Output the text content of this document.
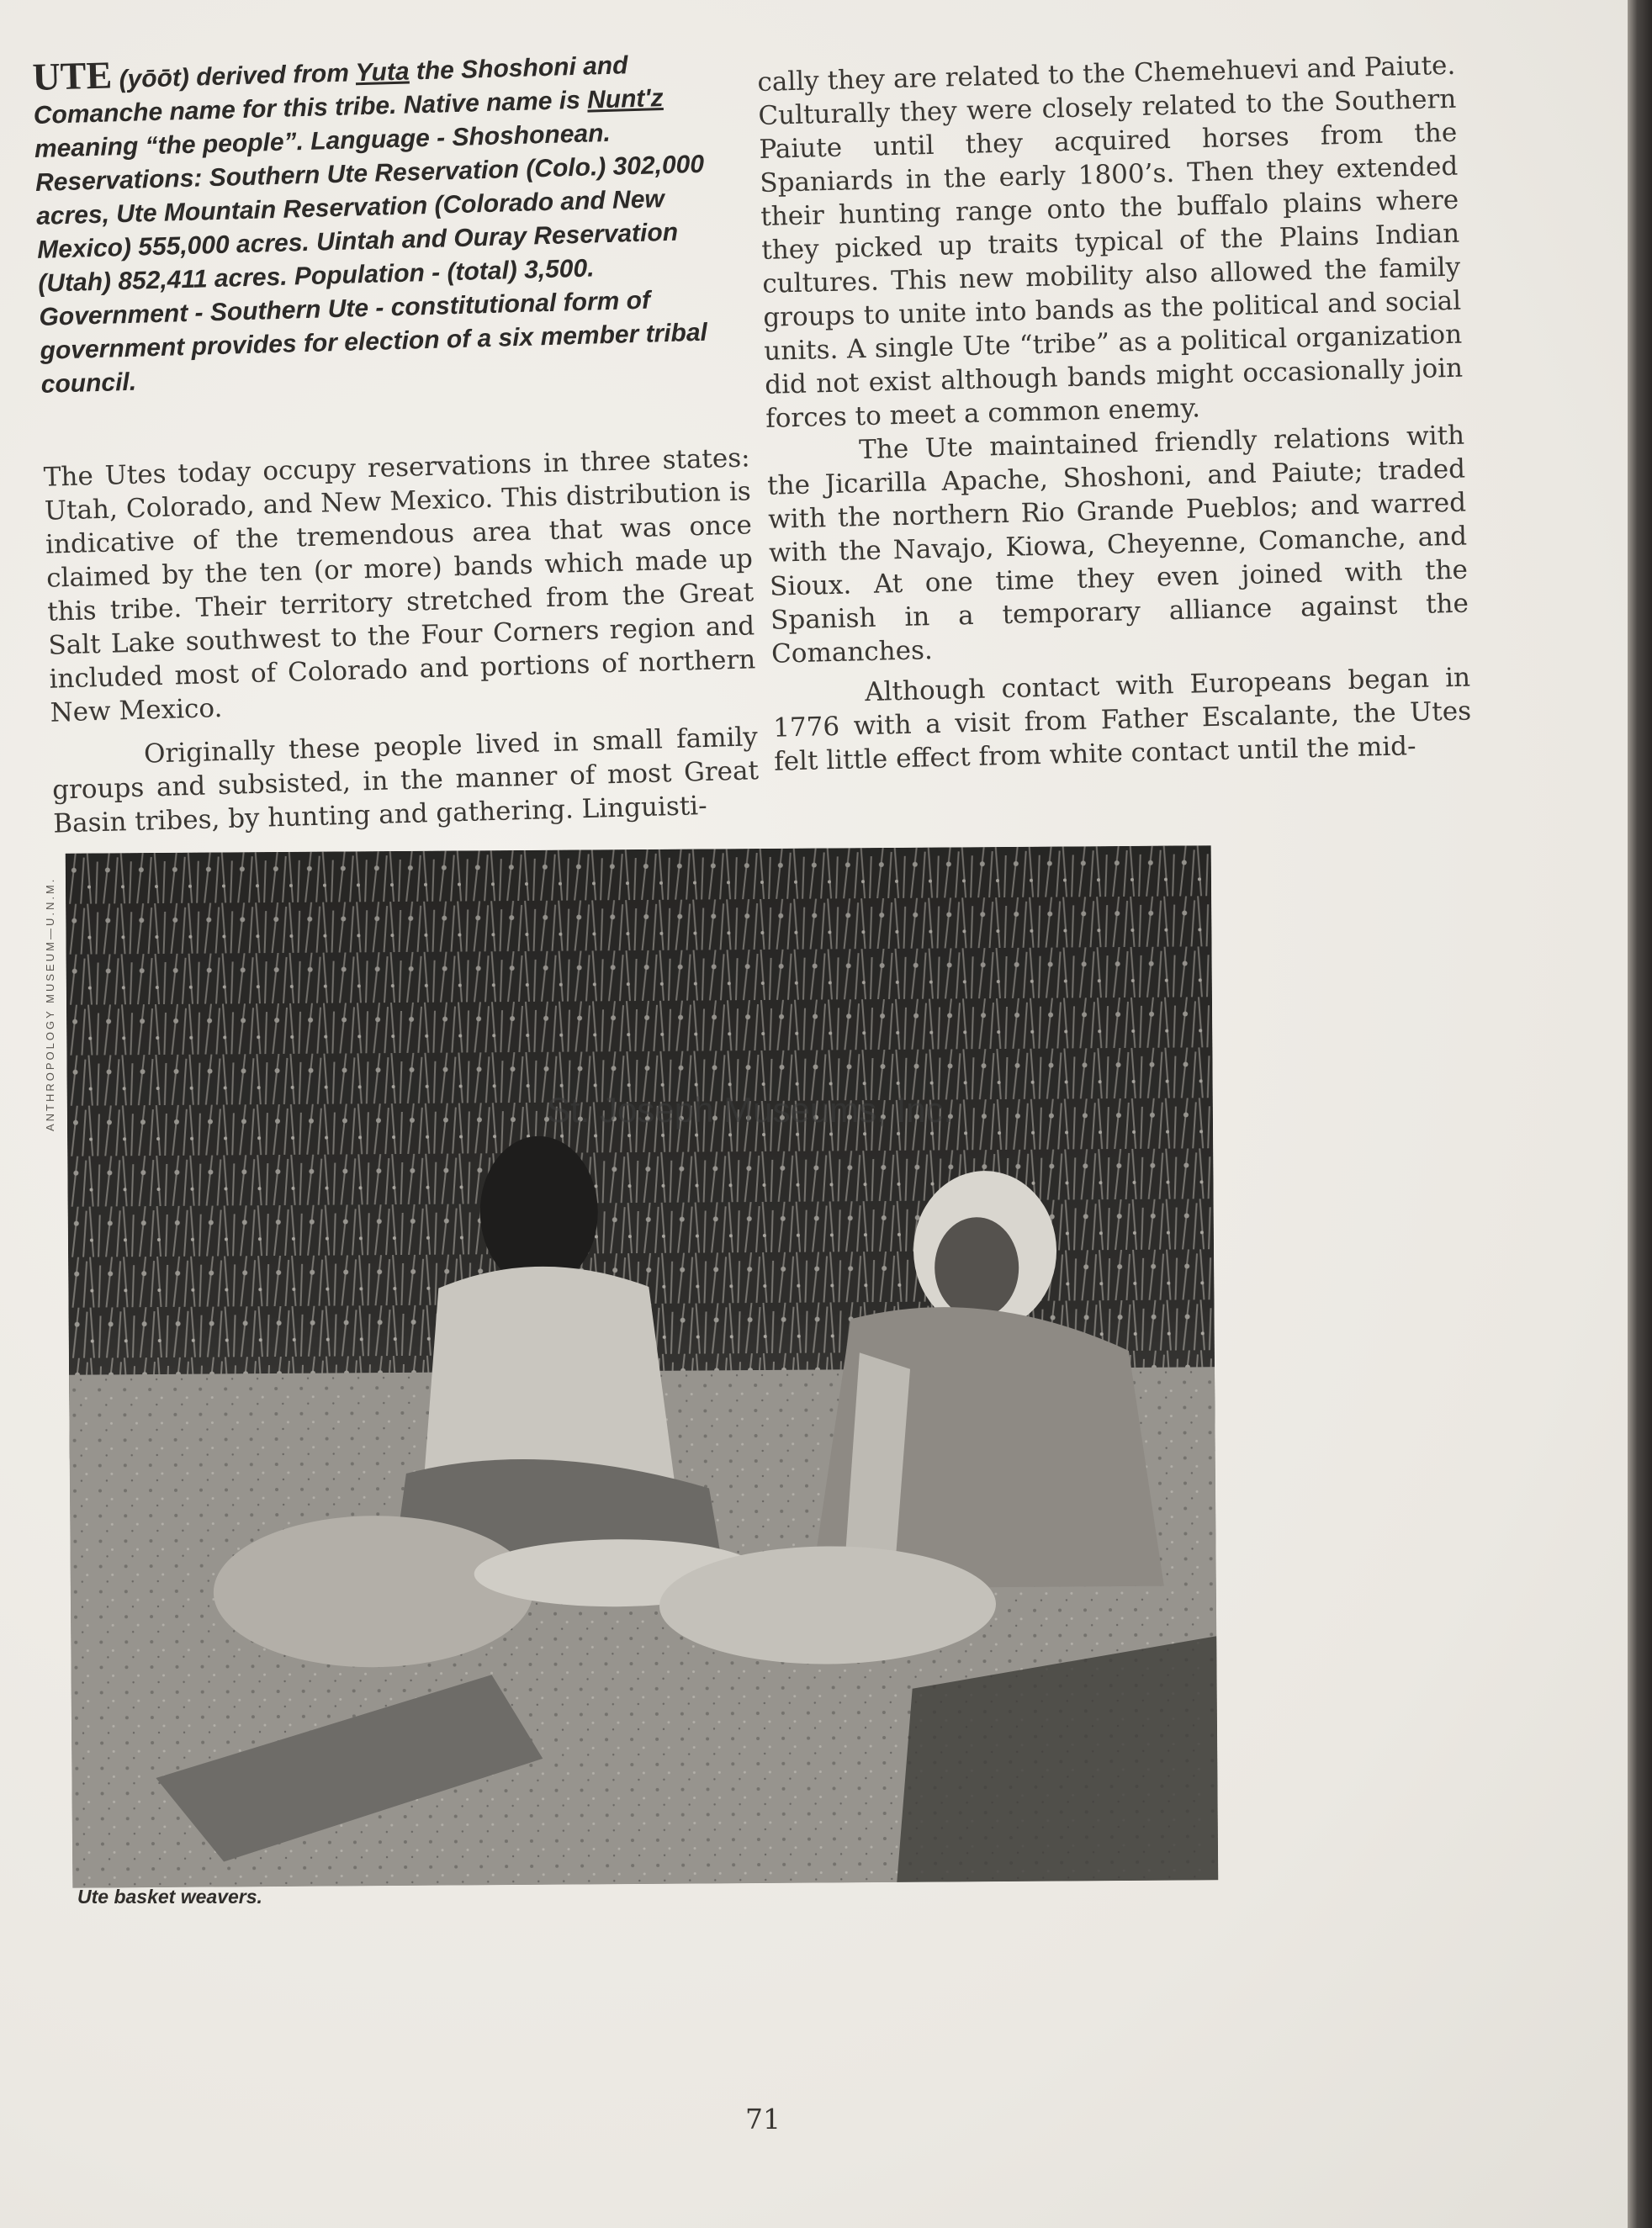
UTE (yōōt) derived from Yuta the Shoshoni and Comanche name for this tribe. Native name is Nunt'z meaning “the people”. Language - Shoshonean. Reservations: Southern Ute Reservation (Colo.) 302,000 acres, Ute Mountain Reservation (Colorado and New Mexico) 555,000 acres. Uintah and Ouray Reservation (Utah) 852,411 acres. Population - (total) 3,500. Government - Southern Ute - constitutional form of government provides for election of a six member tribal council.

The Utes today occupy reservations in three states: Utah, Colorado, and New Mexico. This distribution is indicative of the tremendous area that was once claimed by the ten (or more) bands which made up this tribe. Their territory stretched from the Great Salt Lake southwest to the Four Corners region and included most of Colorado and portions of northern New Mexico.

Originally these people lived in small family groups and subsisted, in the manner of most Great Basin tribes, by hunting and gathering. Linguisti-

cally they are related to the Chemehuevi and Paiute. Culturally they were closely related to the Southern Paiute until they acquired horses from the Spaniards in the early 1800’s. Then they extended their hunting range onto the buffalo plains where they picked up traits typical of the Plains Indian cultures. This new mobility also allowed the family groups to unite into bands as the political and social units. A single Ute “tribe” as a political organization did not exist although bands might occasionally join forces to meet a common enemy.

The Ute maintained friendly relations with the Jicarilla Apache, Shoshoni, and Paiute; traded with the northern Rio Grande Pueblos; and warred with the Navajo, Kiowa, Cheyenne, Comanche, and Sioux. At one time they even joined with the Spanish in a temporary alliance against the Comanches.

Although contact with Europeans began in 1776 with a visit from Father Escalante, the Utes felt little effect from white contact until the mid-

ANTHROPOLOGY MUSEUM—U.N.M.	St. Joseph Museums, Inc.
Ute basket weavers.
71
